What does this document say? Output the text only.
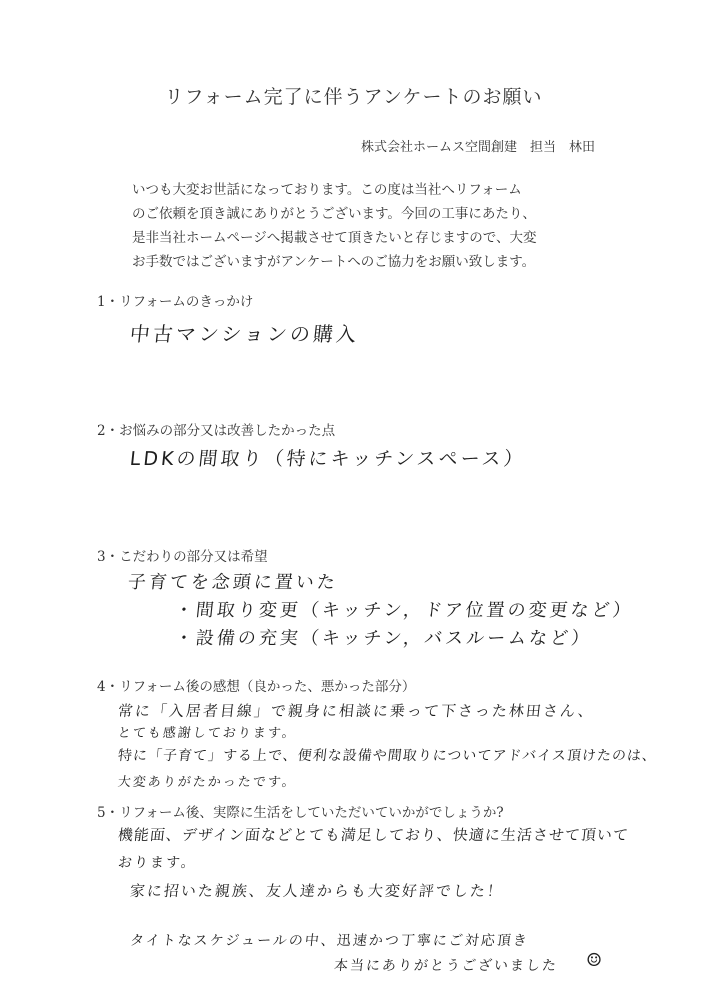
リフォーム完了に伴うアンケートのお願い
株式会社ホームス空間創建　担当　林田
いつも大変お世話になっております。この度は当社へリフォーム
のご依頼を頂き誠にありがとうございます。今回の工事にあたり、
是非当社ホームページへ掲載させて頂きたいと存じますので、大変
お手数ではございますがアンケートへのご協力をお願い致します。
1・リフォームのきっかけ
中古マンションの購入
2・お悩みの部分又は改善したかった点
LDKの間取り（特にキッチンスペース）
3・こだわりの部分又は希望
子育てを念頭に置いた
・間取り変更（キッチン，ドア位置の変更など）
・設備の充実（キッチン，バスルームなど）
4・リフォーム後の感想（良かった、悪かった部分）
常に「入居者目線」で親身に相談に乗って下さった林田さん、
とても感謝しております。
特に「子育て」する上で、便利な設備や間取りについてアドバイス頂けたのは、
大変ありがたかったです。
5・リフォーム後、実際に生活をしていただいていかがでしょうか?
機能面、デザイン面などとても満足しており、快適に生活させて頂いて
おります。
家に招いた親族、友人達からも大変好評でした！
タイトなスケジュールの中、迅速かつ丁寧にご対応頂き
本当にありがとうございました ☺
